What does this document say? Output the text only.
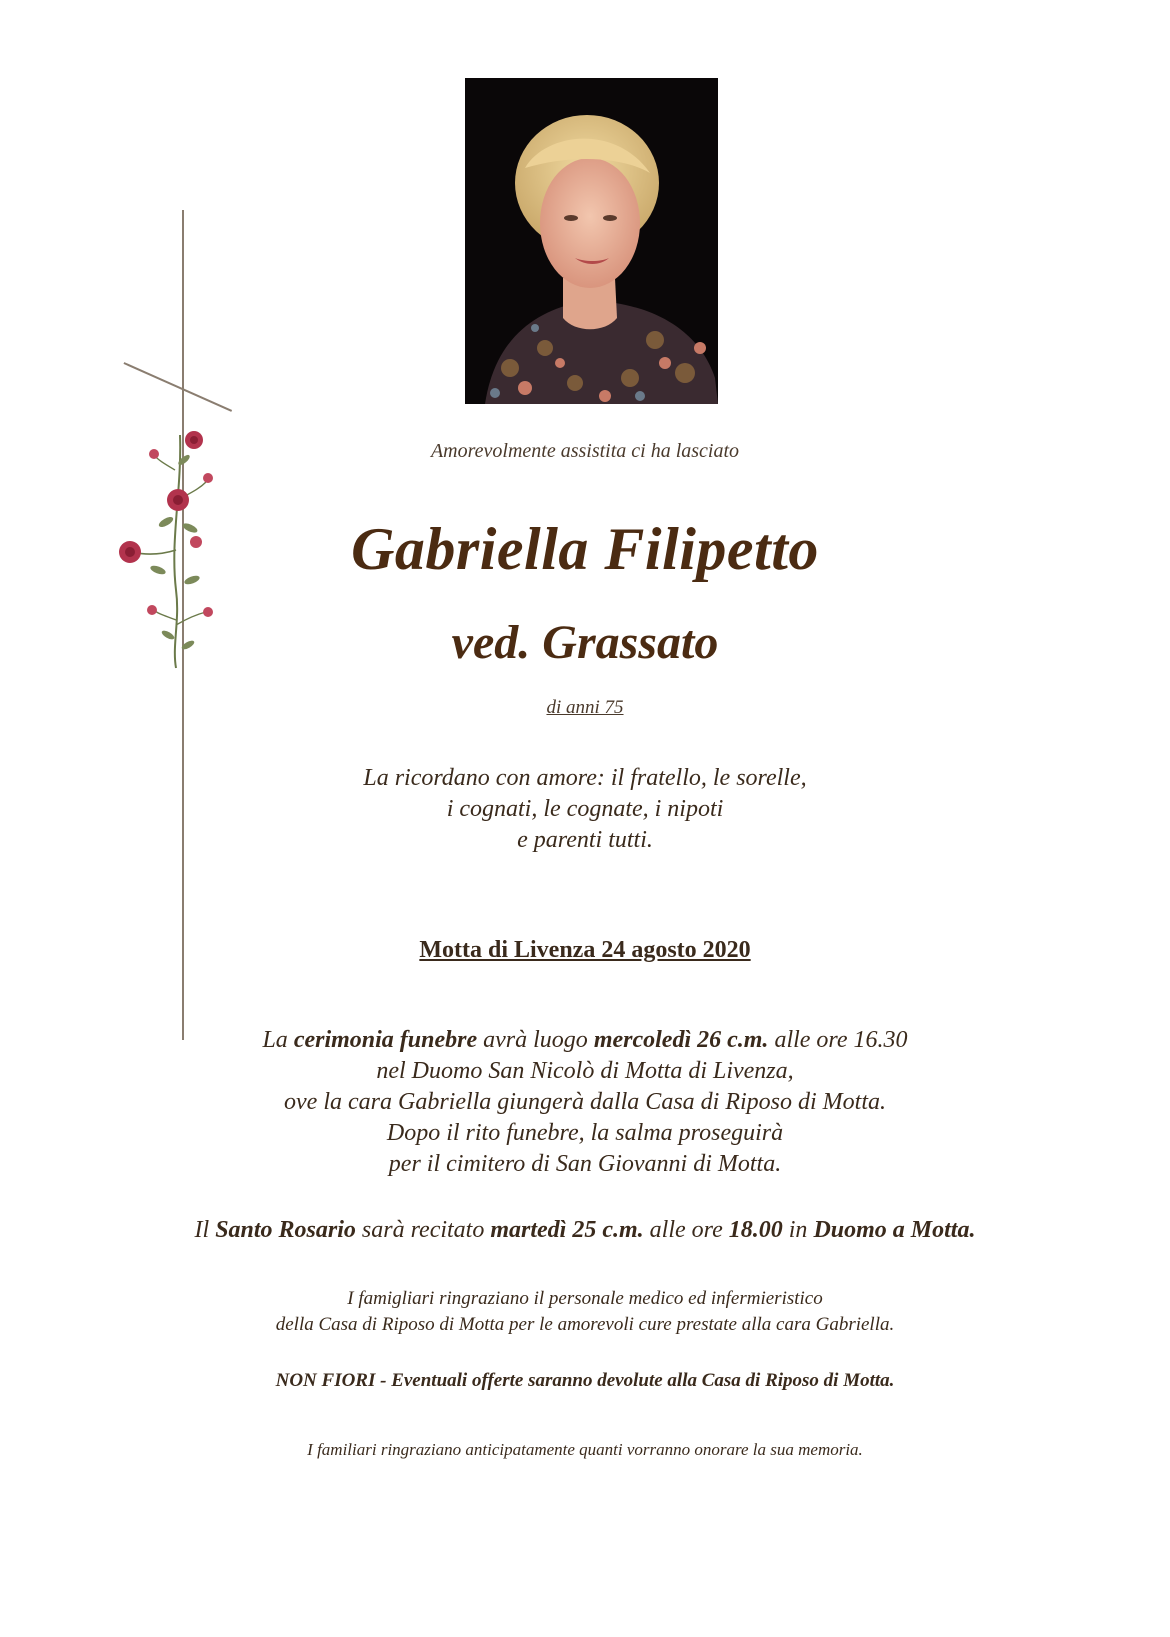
Amorevolmente assistita ci ha lasciato
Gabriella Filipetto
ved. Grassato
di anni 75
La ricordano con amore: il fratello, le sorelle,
i cognati, le cognate, i nipoti
e parenti tutti.
Motta di Livenza 24 agosto 2020
La cerimonia funebre avrà luogo mercoledì 26 c.m. alle ore 16.30
nel Duomo San Nicolò di Motta di Livenza,
ove la cara Gabriella giungerà dalla Casa di Riposo di Motta.
Dopo il rito funebre, la salma proseguirà
per il cimitero di San Giovanni di Motta.
Il Santo Rosario sarà recitato martedì 25 c.m. alle ore 18.00 in Duomo a Motta.
I famigliari ringraziano il personale medico ed infermieristico
della Casa di Riposo di Motta per le amorevoli cure prestate alla cara Gabriella.
NON FIORI - Eventuali offerte saranno devolute alla Casa di Riposo di Motta.
I familiari ringraziano anticipatamente quanti vorranno onorare la sua memoria.
